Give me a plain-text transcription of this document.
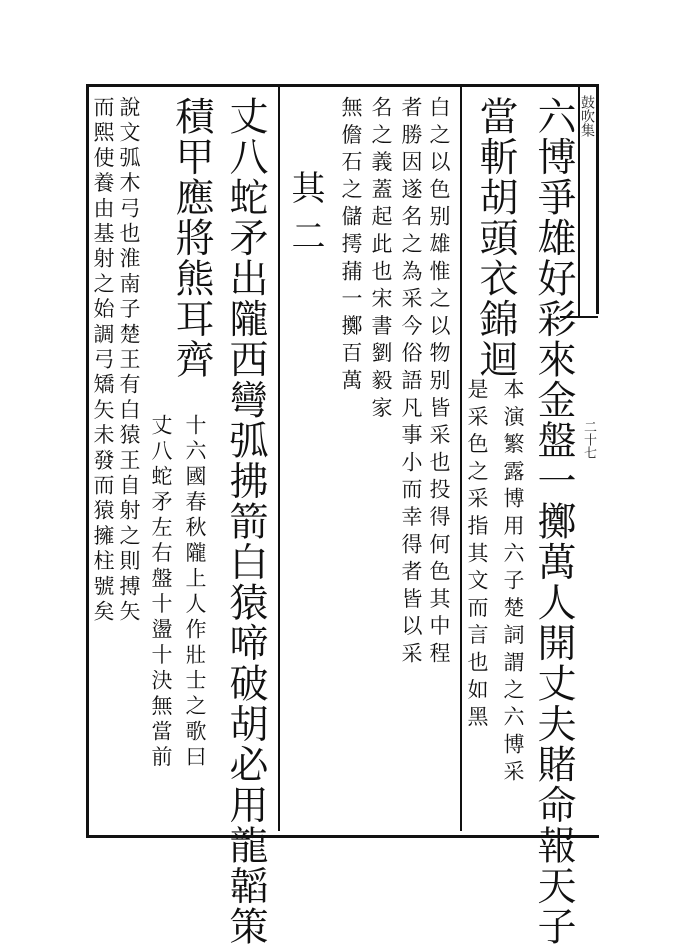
鼓吹集
二十七
六博爭雄好彩來金盤一擲萬人開丈夫賭命報天子
當斬胡頭衣錦迴
本演繁露博用六子楚詞謂之六博采
是采色之采指其文而言也如黑
白之以色别雄惟之以物别皆采也投得何色其中程
者勝因遂名之為采今俗語凡事小而幸得者皆以采
名之義蓋起此也宋書劉毅家
無儋石之儲摴蒱一擲百萬
其二
丈八蛇矛出隴西彎弧拂箭白猿啼破胡必用龍韜策
積甲應將熊耳齊
十六國春秋隴上人作壯士之歌曰
丈八蛇矛左右盤十盪十決無當前
說文弧木弓也淮南子楚王有白猿王自射之則搏矢
而熙使養由基射之始調弓矯矢未發而猿擁柱號矣
